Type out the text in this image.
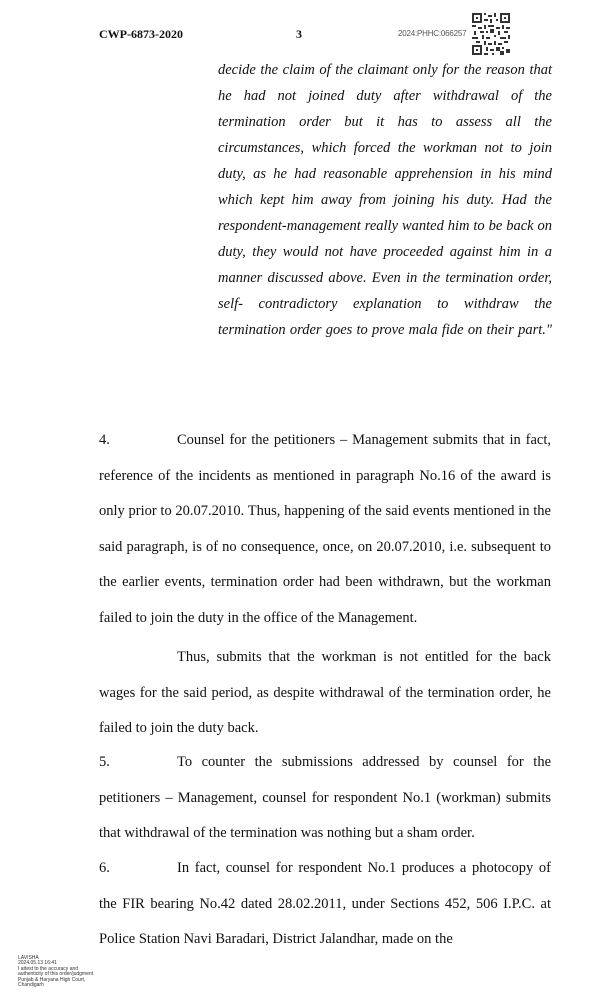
CWP-6873-2020	3	2024:PHHC:066257

decide the claim of the claimant only for the reason that he had not joined duty after withdrawal of the termination order but it has to assess all the circumstances, which forced the workman not to join duty, as he had reasonable apprehension in his mind which kept him away from joining his duty. Had the respondent-management really wanted him to be back on duty, they would not have proceeded against him in a manner discussed above. Even in the termination order, self- contradictory explanation to withdraw the termination order goes to prove mala fide on their part."

4.	Counsel for the petitioners – Management submits that in fact, reference of the incidents as mentioned in paragraph No.16 of the award is only prior to 20.07.2010. Thus, happening of the said events mentioned in the said paragraph, is of no consequence, once, on 20.07.2010, i.e. subsequent to the earlier events, termination order had been withdrawn, but the workman failed to join the duty in the office of the Management.

Thus, submits that the workman is not entitled for the back wages for the said period, as despite withdrawal of the termination order, he failed to join the duty back.

5.	To counter the submissions addressed by counsel for the petitioners – Management, counsel for respondent No.1 (workman) submits that withdrawal of the termination was nothing but a sham order.

6.	In fact, counsel for respondent No.1 produces a photocopy of the FIR bearing No.42 dated 28.02.2011, under Sections 452, 506 I.P.C. at Police Station Navi Baradari, District Jalandhar, made on the

LAVISHA
2024.05.13 16:41
I attest to the accuracy and
authenticity of this order/judgment
Punjab & Haryana High Court,
Chandigarh
